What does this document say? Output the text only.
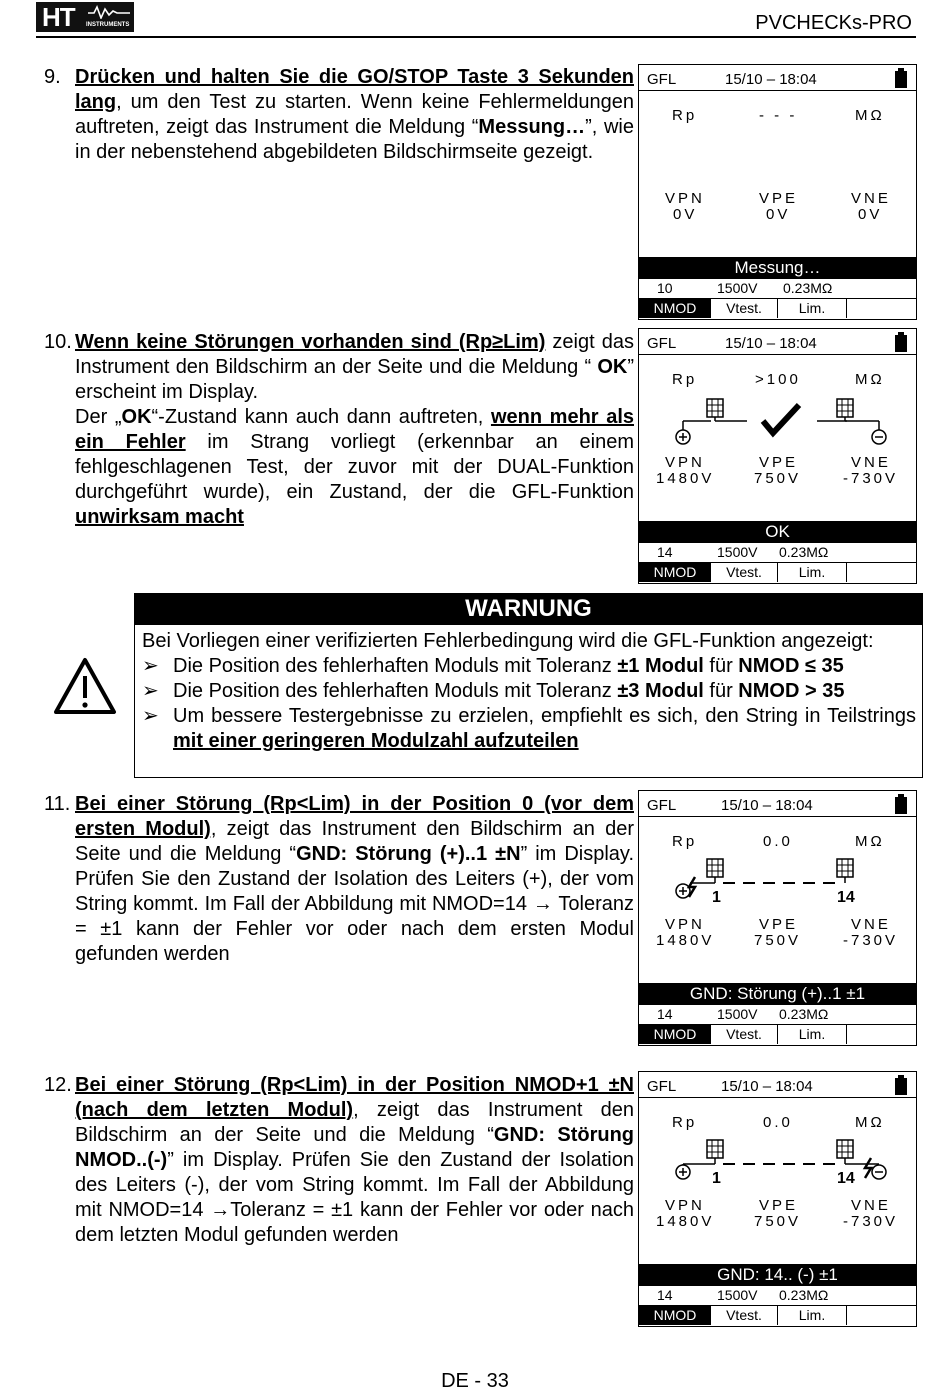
HT INSTRUMENTS	PVCHECKs-PRO
9. Drücken und halten Sie die GO/STOP Taste 3 Sekunden lang, um den Test zu starten. Wenn keine Fehlermeldungen auftreten, zeigt das Instrument die Meldung “Messung…”, wie in der nebenstehend abgebildeten Bildschirmseite gezeigt.
10. Wenn keine Störungen vorhanden sind (Rp≥Lim) zeigt das Instrument den Bildschirm an der Seite und die Meldung “ OK” erscheint im Display.
Der „OK“-Zustand kann auch dann auftreten, wenn mehr als ein Fehler im Strang vorliegt (erkennbar an einem fehlgeschlagenen Test, der zuvor mit der DUAL-Funktion durchgeführt wurde), ein Zustand, der die GFL-Funktion unwirksam macht
11. Bei einer Störung (Rp<Lim) in der Position 0 (vor dem ersten Modul), zeigt das Instrument den Bildschirm an der Seite und die Meldung “GND: Störung (+)..1 ±N” im Display. Prüfen Sie den Zustand der Isolation des Leiters (+), der vom String kommt. Im Fall der Abbildung mit NMOD=14 → Toleranz = ±1 kann der Fehler vor oder nach dem ersten Modul gefunden werden
12. Bei einer Störung (Rp<Lim) in der Position NMOD+1 ±N (nach dem letzten Modul), zeigt das Instrument den Bildschirm an der Seite und die Meldung “GND: Störung NMOD..(-)” im Display. Prüfen Sie den Zustand der Isolation des Leiters (-), der vom String kommt. Im Fall der Abbildung mit NMOD=14 →Toleranz = ±1 kann der Fehler vor oder nach dem letzten Modul gefunden werden
GFL	15/10 – 18:04
Rp	- - -	MΩ
VPN	VPE	VNE
0V	0V	0V
Messung…
10	1500V 0.23MΩ
NMOD	Vtest.	Lim.
GFL	15/10 – 18:04
Rp	>100	MΩ
VPN	VPE	VNE
1480V	750V	-730V
OK
14	1500V 0.23MΩ
NMOD	Vtest.	Lim.
WARNUNG
Bei Vorliegen einer verifizierten Fehlerbedingung wird die GFL-Funktion angezeigt:
➢ Die Position des fehlerhaften Moduls mit Toleranz ±1 Modul für NMOD ≤ 35
➢ Die Position des fehlerhaften Moduls mit Toleranz ±3 Modul für NMOD > 35
➢ Um bessere Testergebnisse zu erzielen, empfiehlt es sich, den String in Teilstrings mit einer geringeren Modulzahl aufzuteilen
GFL	15/10 – 18:04
Rp	0.0	MΩ
1	14
VPN	VPE	VNE
1480V	750V	-730V
GND: Störung (+)..1 ±1
14	1500V 0.23MΩ
NMOD	Vtest.	Lim.
GFL	15/10 – 18:04
Rp	0.0	MΩ
1	14
VPN	VPE	VNE
1480V	750V	-730V
GND: 14.. (-) ±1
14	1500V 0.23MΩ
NMOD	Vtest.	Lim.
DE - 33
